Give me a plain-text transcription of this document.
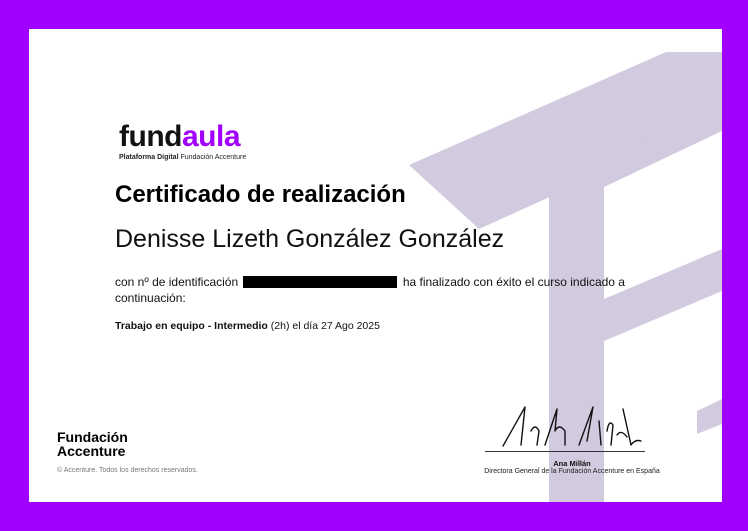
fundaula
Plataforma Digital Fundación Accenture
Certificado de realización
Denisse Lizeth González González
con nº de identificación	ha finalizado con éxito el curso indicado a continuación:
Trabajo en equipo - Intermedio (2h) el día 27 Ago 2025
Fundación
Accenture
© Accenture. Todos los derechos reservados.
Ana Millán
Directora General de la Fundación Accenture en España
